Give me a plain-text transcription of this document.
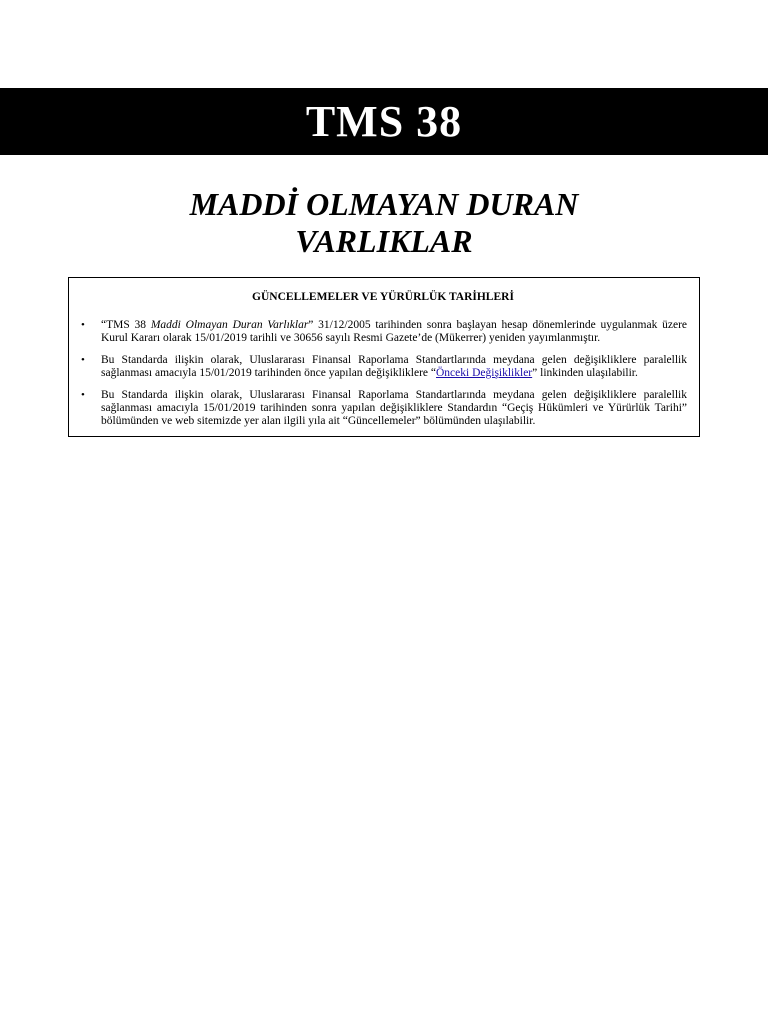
TMS 38
MADDİ OLMAYAN DURAN
VARLIKLAR
GÜNCELLEMELER VE YÜRÜRLÜK TARİHLERİ
• “TMS 38 Maddi Olmayan Duran Varlıklar” 31/12/2005 tarihinden sonra başlayan hesap dönemlerinde uygulanmak üzere Kurul Kararı olarak 15/01/2019 tarihli ve 30656 sayılı Resmi Gazete’de (Mükerrer) yeniden yayımlanmıştır.
• Bu Standarda ilişkin olarak, Uluslararası Finansal Raporlama Standartlarında meydana gelen değişikliklere paralellik sağlanması amacıyla 15/01/2019 tarihinden önce yapılan değişikliklere “Önceki Değişiklikler” linkinden ulaşılabilir.
• Bu Standarda ilişkin olarak, Uluslararası Finansal Raporlama Standartlarında meydana gelen değişikliklere paralellik sağlanması amacıyla 15/01/2019 tarihinden sonra yapılan değişikliklere Standardın “Geçiş Hükümleri ve Yürürlük Tarihi” bölümünden ve web sitemizde yer alan ilgili yıla ait “Güncellemeler” bölümünden ulaşılabilir.
